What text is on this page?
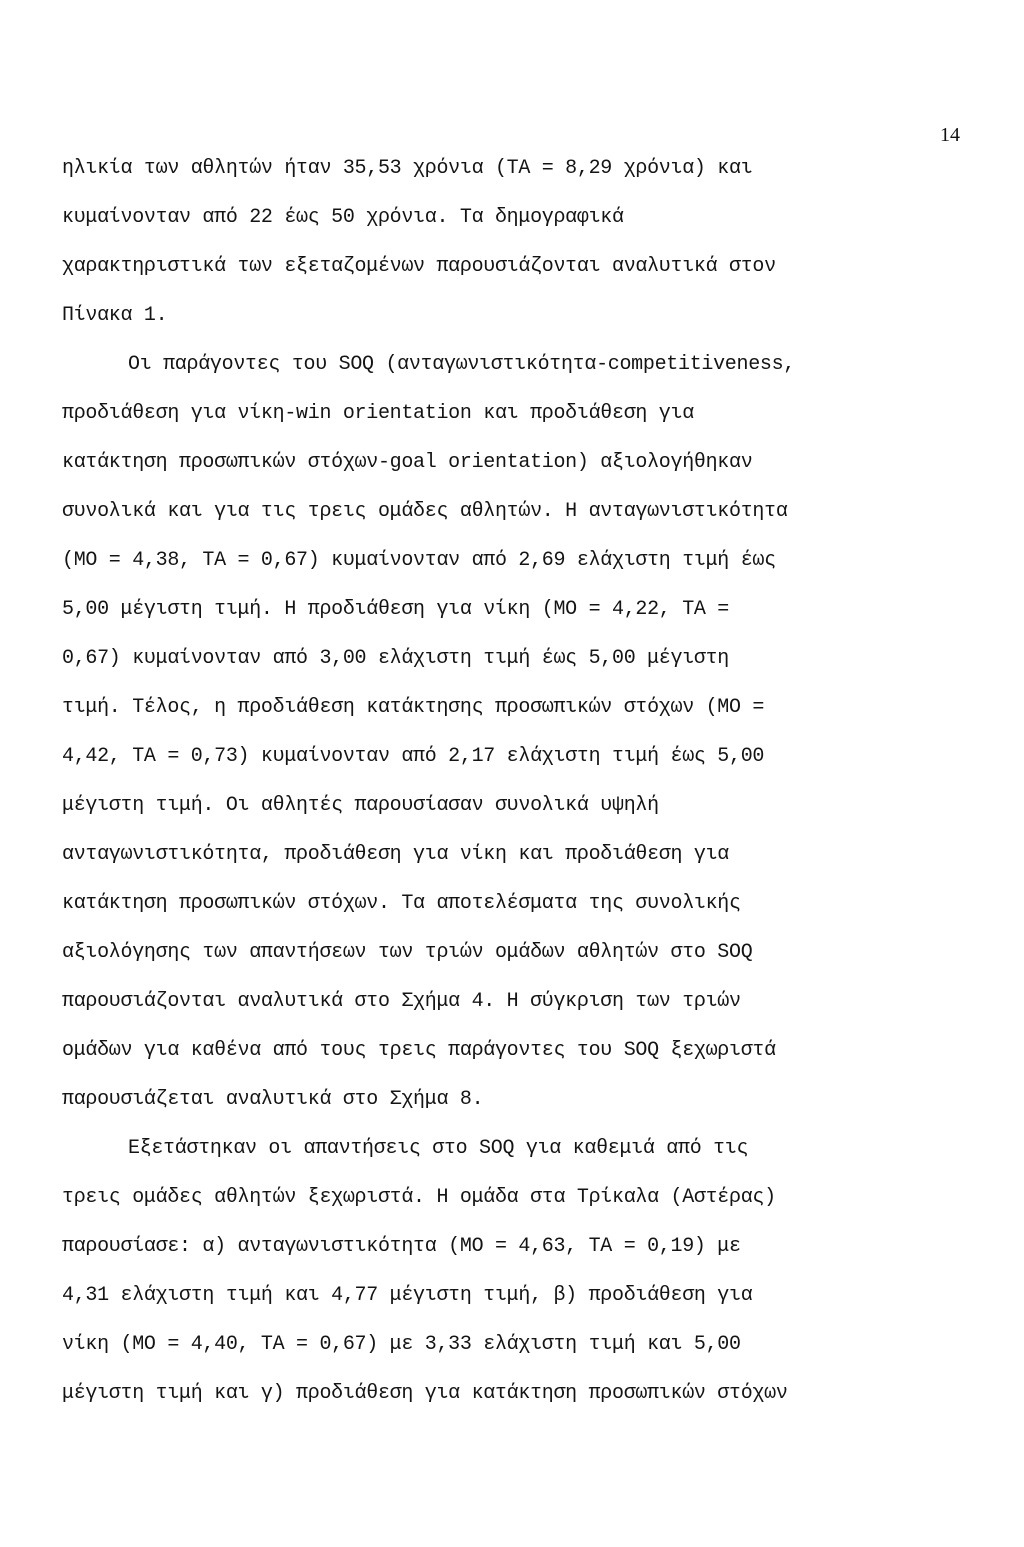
14
ηλικία των αθλητών ήταν 35,53 χρόνια (ΤΑ = 8,29 χρόνια) και
κυμαίνονταν από 22 έως 50 χρόνια. Τα δημογραφικά
χαρακτηριστικά των εξεταζομένων παρουσιάζονται αναλυτικά στον
Πίνακα 1.
Οι παράγοντες του SOQ (ανταγωνιστικότητα-competitiveness,
προδιάθεση για νίκη-win orientation και προδιάθεση για
κατάκτηση προσωπικών στόχων-goal orientation) αξιολογήθηκαν
συνολικά και για τις τρεις ομάδες αθλητών. Η ανταγωνιστικότητα
(ΜΟ = 4,38, ΤΑ = 0,67) κυμαίνονταν από 2,69 ελάχιστη τιμή έως
5,00 μέγιστη τιμή. Η προδιάθεση για νίκη (ΜΟ = 4,22, ΤΑ =
0,67) κυμαίνονταν από 3,00 ελάχιστη τιμή έως 5,00 μέγιστη
τιμή. Τέλος, η προδιάθεση κατάκτησης προσωπικών στόχων (ΜΟ =
4,42, ΤΑ = 0,73) κυμαίνονταν από 2,17 ελάχιστη τιμή έως 5,00
μέγιστη τιμή. Οι αθλητές παρουσίασαν συνολικά υψηλή
ανταγωνιστικότητα, προδιάθεση για νίκη και προδιάθεση για
κατάκτηση προσωπικών στόχων. Τα αποτελέσματα της συνολικής
αξιολόγησης των απαντήσεων των τριών ομάδων αθλητών στο SOQ
παρουσιάζονται αναλυτικά στο Σχήμα 4. Η σύγκριση των τριών
ομάδων για καθένα από τους τρεις παράγοντες του SOQ ξεχωριστά
παρουσιάζεται αναλυτικά στο Σχήμα 8.
Εξετάστηκαν οι απαντήσεις στο SOQ για καθεμιά από τις
τρεις ομάδες αθλητών ξεχωριστά. Η ομάδα στα Τρίκαλα (Αστέρας)
παρουσίασε: α) ανταγωνιστικότητα (ΜΟ = 4,63, ΤΑ = 0,19) με
4,31 ελάχιστη τιμή και 4,77 μέγιστη τιμή, β) προδιάθεση για
νίκη (ΜΟ = 4,40, ΤΑ = 0,67) με 3,33 ελάχιστη τιμή και 5,00
μέγιστη τιμή και γ) προδιάθεση για κατάκτηση προσωπικών στόχων
